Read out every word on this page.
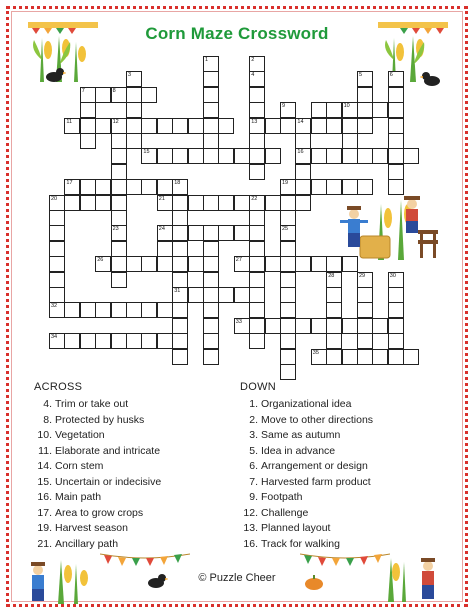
Corn Maze Crossword
1	2
4
13
3	5	6
7
10
12
23
14
16
18
31
20
32
22
25
24
28	29	30
8
11
15
17	19
21
26	27
33
34
35
9
ACROSS
4. Trim or take out
8. Protected by husks
10. Vegetation
11. Elaborate and intricate
14. Corn stem
15. Uncertain or indecisive
16. Main path
17. Area to grow crops
19. Harvest season
21. Ancillary path
DOWN
1. Organizational idea
2. Move to other directions
3. Same as autumn
5. Idea in advance
6. Arrangement or design
7. Harvested farm product
9. Footpath
12. Challenge
13. Planned layout
16. Track for walking
© Puzzle Cheer
